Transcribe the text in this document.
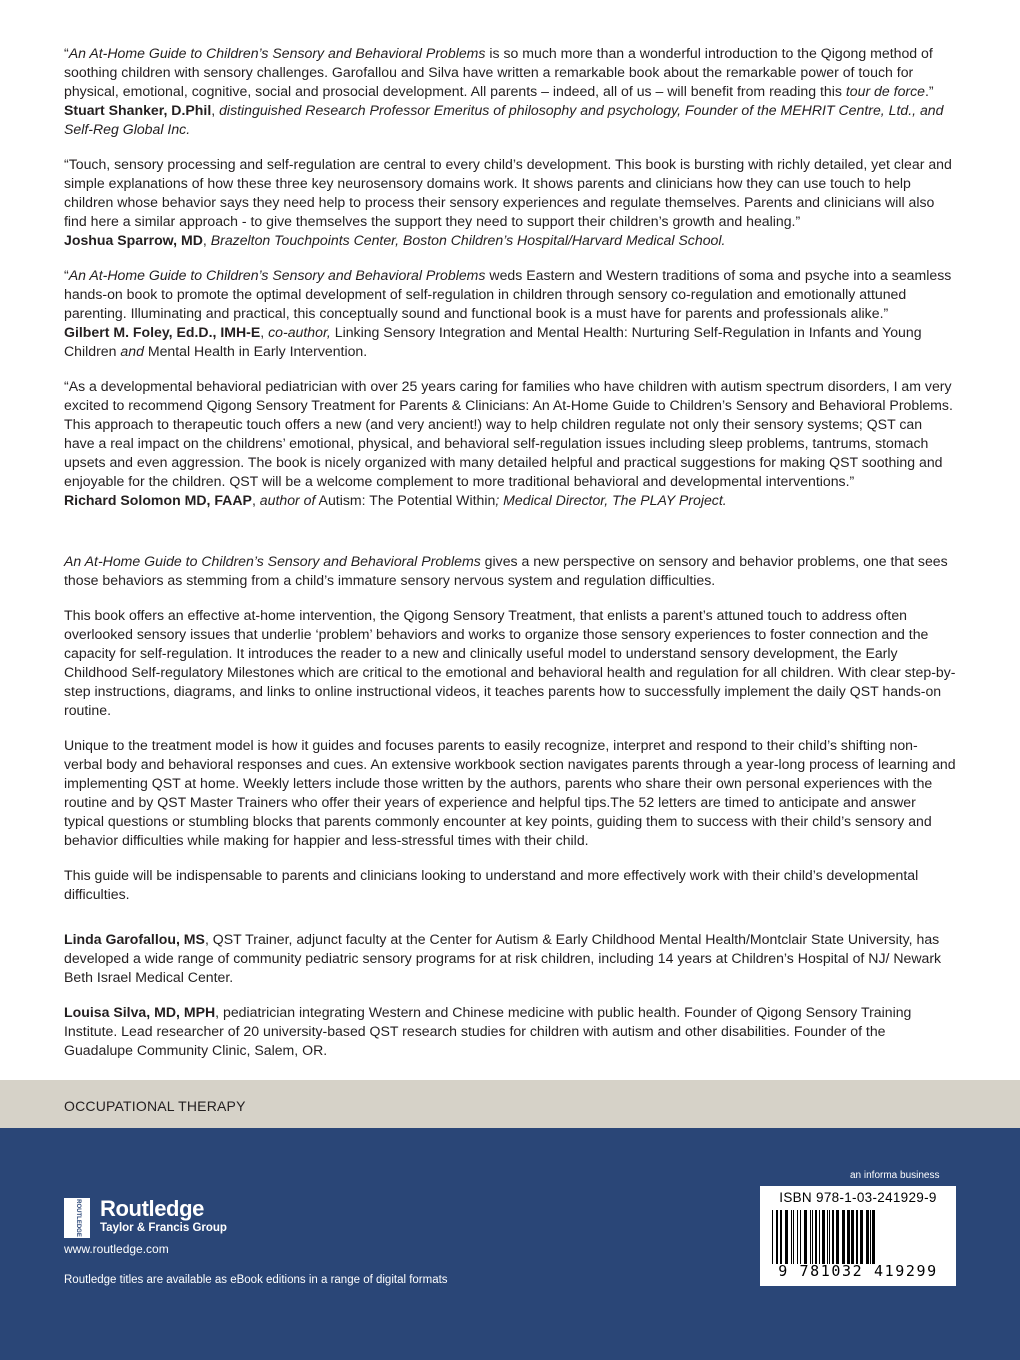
“An At-Home Guide to Children’s Sensory and Behavioral Problems is so much more than a wonderful introduction to the Qigong method of soothing children with sensory challenges. Garofallou and Silva have written a remarkable book about the remarkable power of touch for physical, emotional, cognitive, social and prosocial development. All parents – indeed, all of us – will benefit from reading this tour de force.”

Stuart Shanker, D.Phil, distinguished Research Professor Emeritus of philosophy and psychology, Founder of the MEHRIT Centre, Ltd., and Self-Reg Global Inc.

“Touch, sensory processing and self-regulation are central to every child’s development. This book is bursting with richly detailed, yet clear and simple explanations of how these three key neurosensory domains work. It shows parents and clinicians how they can use touch to help children whose behavior says they need help to process their sensory experiences and regulate themselves. Parents and clinicians will also find here a similar approach - to give themselves the support they need to support their children’s growth and healing.”

Joshua Sparrow, MD, Brazelton Touchpoints Center, Boston Children’s Hospital/Harvard Medical School.

“An At-Home Guide to Children’s Sensory and Behavioral Problems weds Eastern and Western traditions of soma and psyche into a seamless hands-on book to promote the optimal development of self-regulation in children through sensory co-regulation and emotionally attuned parenting. Illuminating and practical, this conceptually sound and functional book is a must have for parents and professionals alike.”

Gilbert M. Foley, Ed.D., IMH-E, co-author, Linking Sensory Integration and Mental Health: Nurturing Self-Regulation in Infants and Young Children and Mental Health in Early Intervention.

“As a developmental behavioral pediatrician with over 25 years caring for families who have children with autism spectrum disorders, I am very excited to recommend Qigong Sensory Treatment for Parents & Clinicians: An At-Home Guide to Children’s Sensory and Behavioral Problems. This approach to therapeutic touch offers a new (and very ancient!) way to help children regulate not only their sensory systems; QST can have a real impact on the childrens’ emotional, physical, and behavioral self-regulation issues including sleep problems, tantrums, stomach upsets and even aggression. The book is nicely organized with many detailed helpful and practical suggestions for making QST soothing and enjoyable for the children. QST will be a welcome complement to more traditional behavioral and developmental interventions.”

Richard Solomon MD, FAAP, author of Autism: The Potential Within; Medical Director, The PLAY Project.

An At-Home Guide to Children’s Sensory and Behavioral Problems gives a new perspective on sensory and behavior problems, one that sees those behaviors as stemming from a child’s immature sensory nervous system and regulation difficulties.

This book offers an effective at-home intervention, the Qigong Sensory Treatment, that enlists a parent’s attuned touch to address often overlooked sensory issues that underlie ‘problem’ behaviors and works to organize those sensory experiences to foster connection and the capacity for self-regulation. It introduces the reader to a new and clinically useful model to understand sensory development, the Early Childhood Self-regulatory Milestones which are critical to the emotional and behavioral health and regulation for all children. With clear step-by-step instructions, diagrams, and links to online instructional videos, it teaches parents how to successfully implement the daily QST hands-on routine.

Unique to the treatment model is how it guides and focuses parents to easily recognize, interpret and respond to their child’s shifting non-verbal body and behavioral responses and cues. An extensive workbook section navigates parents through a year-long process of learning and implementing QST at home. Weekly letters include those written by the authors, parents who share their own personal experiences with the routine and by QST Master Trainers who offer their years of experience and helpful tips.The 52 letters are timed to anticipate and answer typical questions or stumbling blocks that parents commonly encounter at key points, guiding them to success with their child’s sensory and behavior difficulties while making for happier and less-stressful times with their child.

This guide will be indispensable to parents and clinicians looking to understand and more effectively work with their child’s developmental difficulties.

Linda Garofallou, MS, QST Trainer, adjunct faculty at the Center for Autism & Early Childhood Mental Health/Montclair State University, has developed a wide range of community pediatric sensory programs for at risk children, including 14 years at Children’s Hospital of NJ/ Newark Beth Israel Medical Center.

Louisa Silva, MD, MPH, pediatrician integrating Western and Chinese medicine with public health. Founder of Qigong Sensory Training Institute. Lead researcher of 20 university-based QST research studies for children with autism and other disabilities. Founder of the Guadalupe Community Clinic, Salem, OR.

OCCUPATIONAL THERAPY
ROUTLEDGE Routledge
Taylor & Francis Group
www.routledge.com
Routledge titles are available as eBook editions in a range of digital formats
an informa business
ISBN 978-1-03-241929-9
9 781032 419299
